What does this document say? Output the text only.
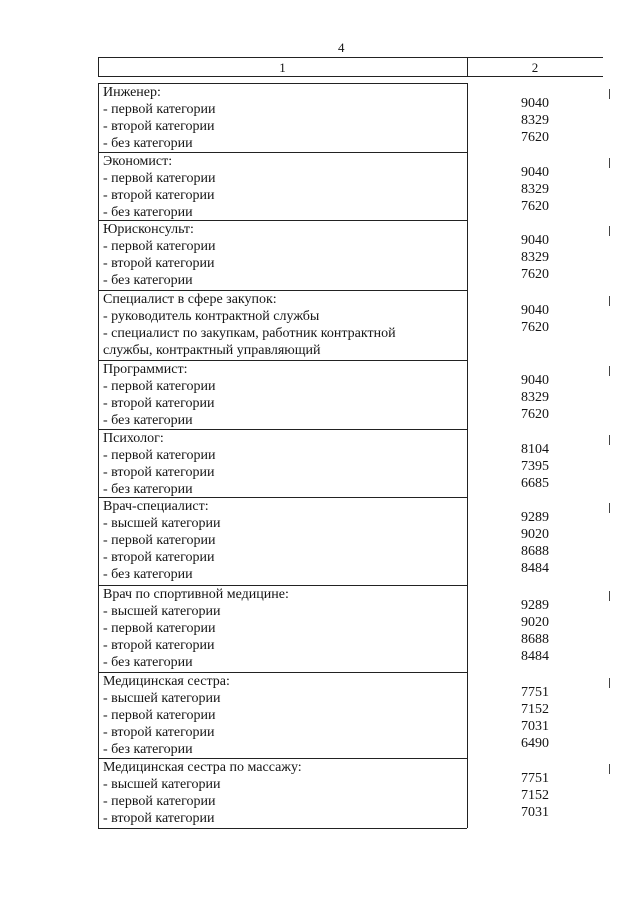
4
1	2
Инженер:
- первой категории
- второй категории
- без категории
9040
8329
7620
Экономист:
- первой категории
- второй категории
- без категории
9040
8329
7620
Юрисконсульт:
- первой категории
- второй категории
- без категории
9040
8329
7620
Специалист в сфере закупок:
- руководитель контрактной службы
- специалист по закупкам, работник контрактной
службы, контрактный управляющий
9040
7620
Программист:
- первой категории
- второй категории
- без категории
9040
8329
7620
Психолог:
- первой категории
- второй категории
- без категории
8104
7395
6685
Врач-специалист:
- высшей категории
- первой категории
- второй категории
- без категории
9289
9020
8688
8484
Врач по спортивной медицине:
- высшей категории
- первой категории
- второй категории
- без категории
9289
9020
8688
8484
Медицинская сестра:
- высшей категории
- первой категории
- второй категории
- без категории
7751
7152
7031
6490
Медицинская сестра по массажу:
- высшей категории
- первой категории
- второй категории
7751
7152
7031
